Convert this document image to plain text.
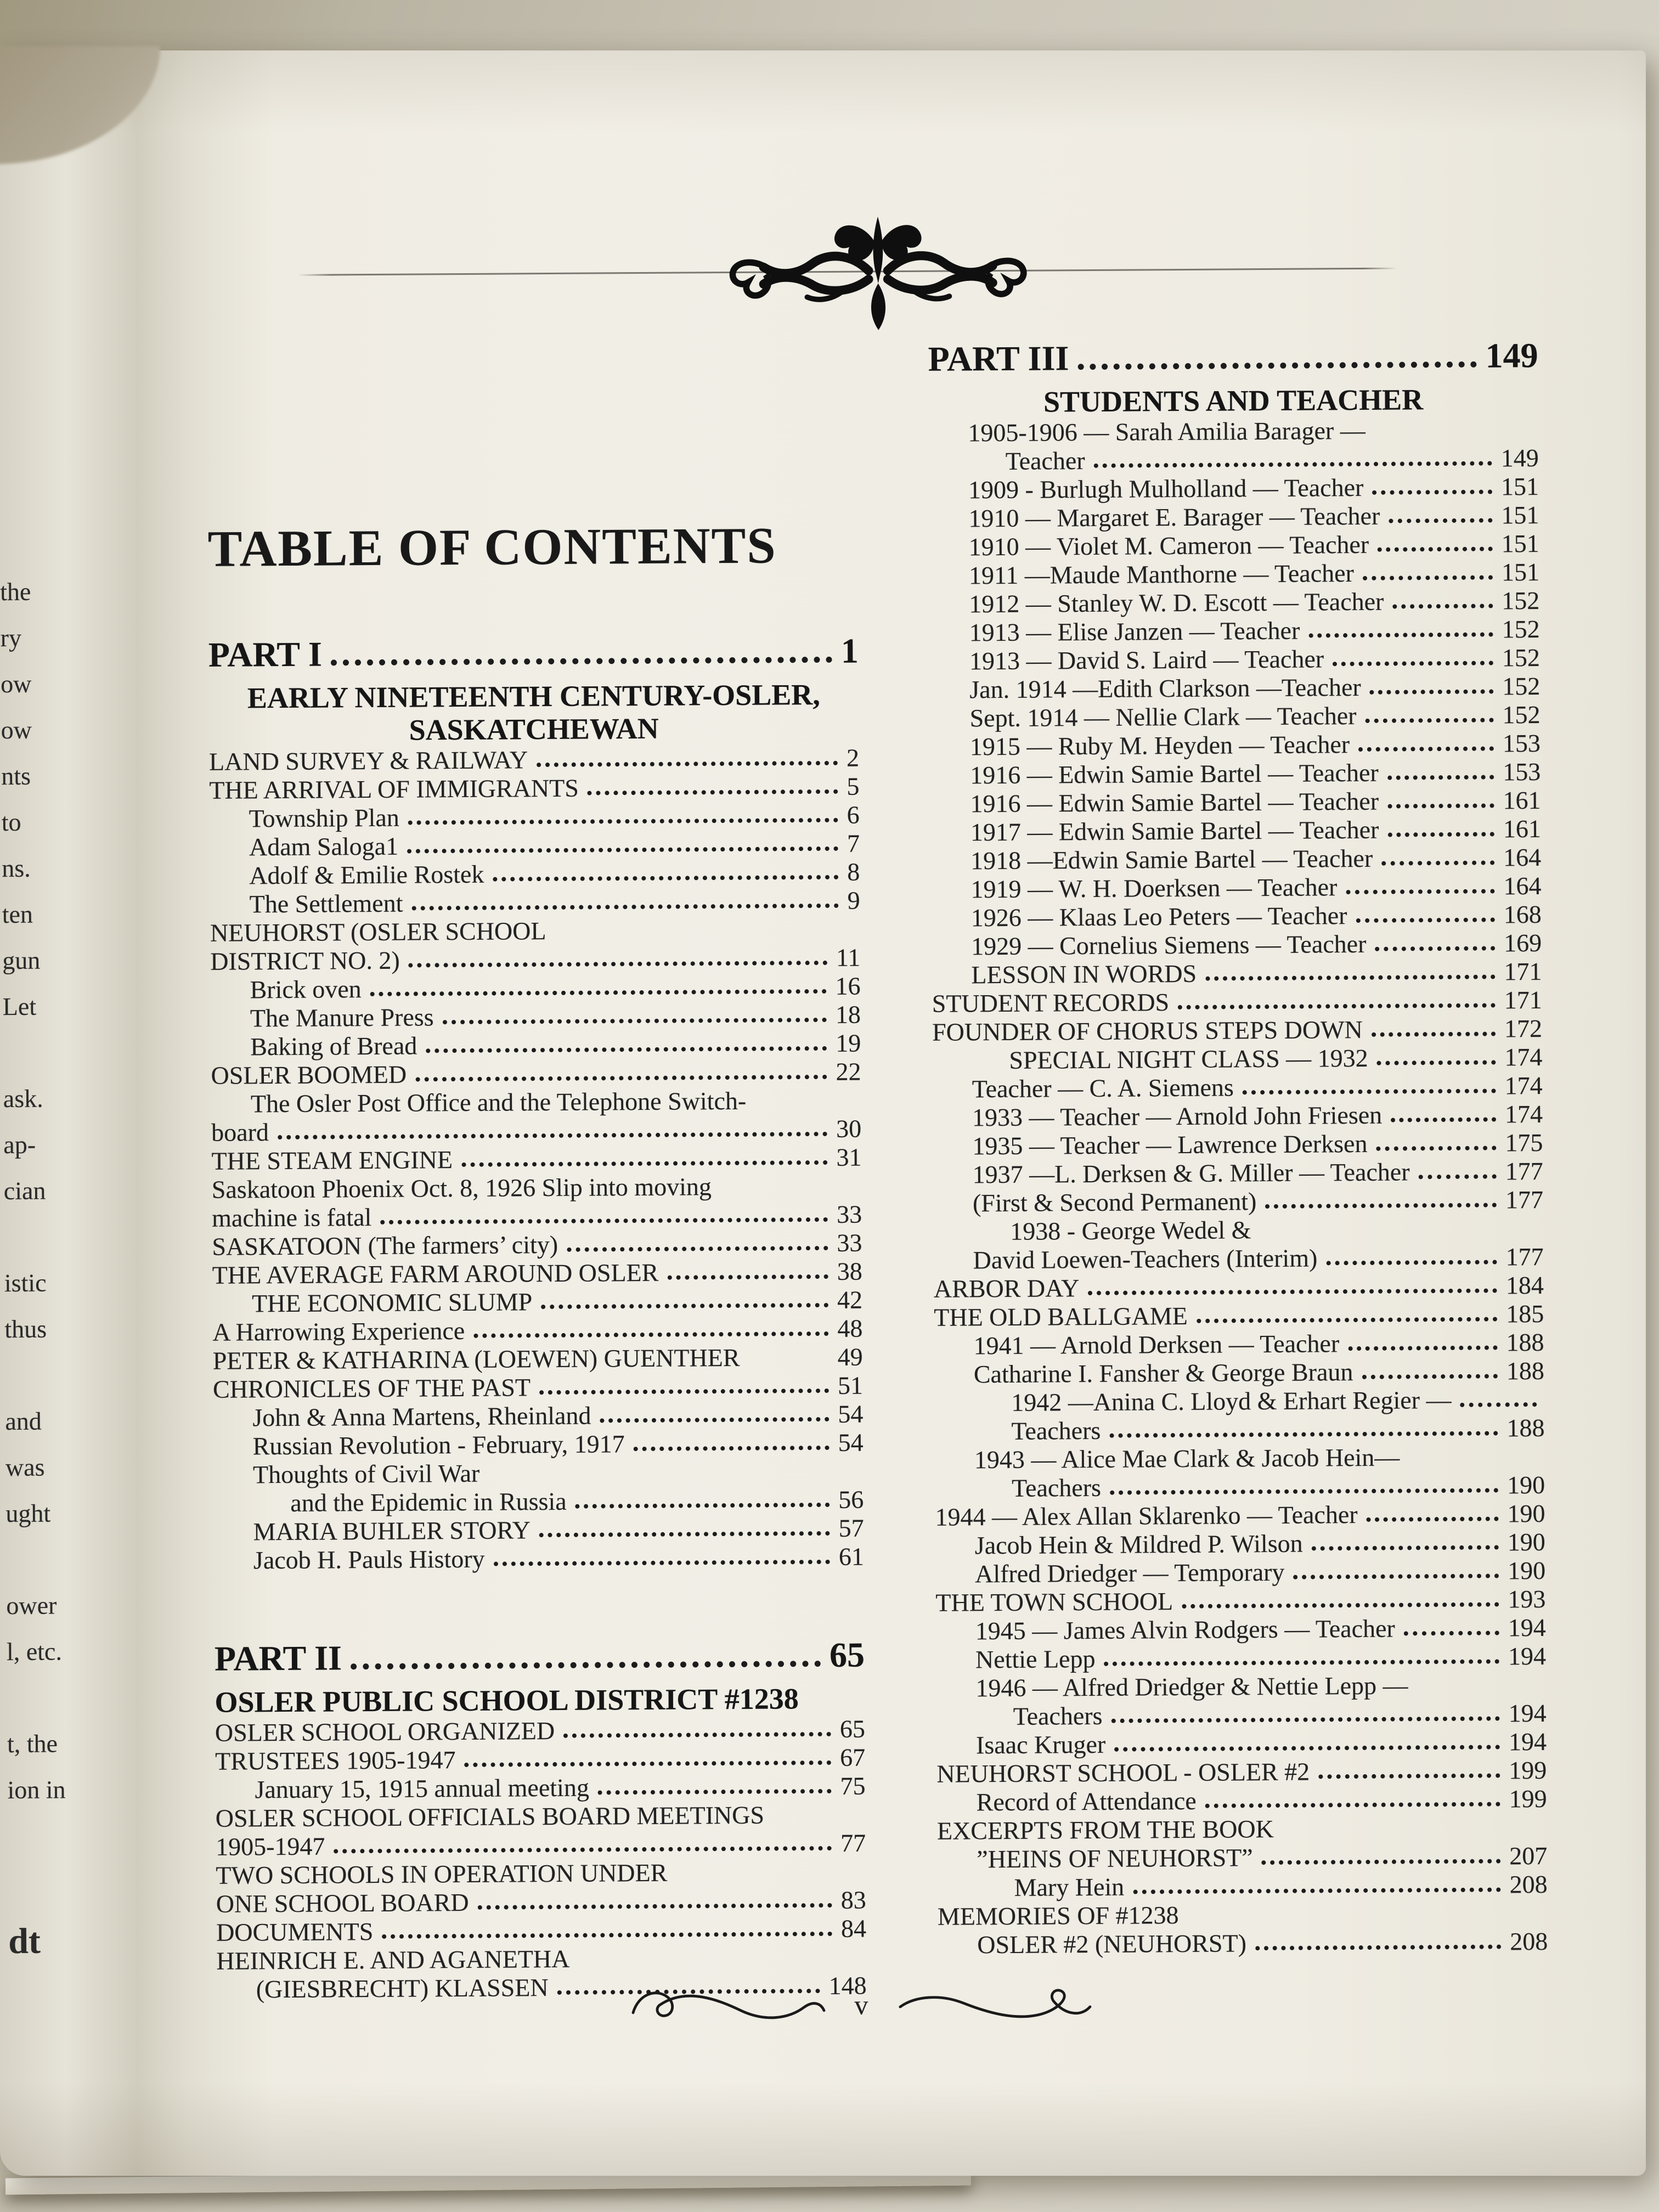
the
ry
ow
ow
nts
to
ns.
ten
gun
Let
ask.
ap-
cian
istic
thus
and
was
ught
ower
l, etc.
t, the
ion in
dt
TABLE OF CONTENTS
PART I	1
EARLY NINETEENTH CENTURY-OSLER,
SASKATCHEWAN
LAND SURVEY & RAILWAY	2
THE ARRIVAL OF IMMIGRANTS	5
Township Plan	6
Adam Saloga1	7
Adolf & Emilie Rostek	8
The Settlement	9
NEUHORST (OSLER SCHOOL
DISTRICT NO. 2)	11
Brick oven	16
The Manure Press	18
Baking of Bread	19
OSLER BOOMED	22
The Osler Post Office and the Telephone Switch-
board	30
THE STEAM ENGINE	31
Saskatoon Phoenix Oct. 8, 1926 Slip into moving
machine is fatal	33
SASKATOON (The farmers’ city)	33
THE AVERAGE FARM AROUND OSLER	38
THE ECONOMIC SLUMP	42
A Harrowing Experience	48
PETER & KATHARINA (LOEWEN) GUENTHER	49
CHRONICLES OF THE PAST	51
John & Anna Martens, Rheinland	54
Russian Revolution - February, 1917	54
Thoughts of Civil War
and the Epidemic in Russia	56
MARIA BUHLER STORY	57
Jacob H. Pauls History	61
PART II	65
OSLER PUBLIC SCHOOL DISTRICT #1238
OSLER SCHOOL ORGANIZED	65
TRUSTEES 1905-1947	67
January 15, 1915 annual meeting	75
OSLER SCHOOL OFFICIALS BOARD MEETINGS
1905-1947	77
TWO SCHOOLS IN OPERATION UNDER
ONE SCHOOL BOARD	83
DOCUMENTS	84
HEINRICH E. AND AGANETHA
(GIESBRECHT) KLASSEN	148
PART III	149
STUDENTS AND TEACHER
1905-1906 — Sarah Amilia Barager —
Teacher	149
1909 - Burlugh Mulholland — Teacher	151
1910 — Margaret E. Barager — Teacher	151
1910 — Violet M. Cameron — Teacher	151
1911 —Maude Manthorne — Teacher	151
1912 — Stanley W. D. Escott — Teacher	152
1913 — Elise Janzen — Teacher	152
1913 — David S. Laird — Teacher	152
Jan. 1914 —Edith Clarkson —Teacher	152
Sept. 1914 — Nellie Clark — Teacher	152
1915 — Ruby M. Heyden — Teacher	153
1916 — Edwin Samie Bartel — Teacher	153
1916 — Edwin Samie Bartel — Teacher	161
1917 — Edwin Samie Bartel — Teacher	161
1918 —Edwin Samie Bartel — Teacher	164
1919 — W. H. Doerksen — Teacher	164
1926 — Klaas Leo Peters — Teacher	168
1929 — Cornelius Siemens — Teacher	169
LESSON IN WORDS	171
STUDENT RECORDS	171
FOUNDER OF CHORUS STEPS DOWN	172
SPECIAL NIGHT CLASS — 1932	174
Teacher — C. A. Siemens	174
1933 — Teacher — Arnold John Friesen	174
1935 — Teacher — Lawrence Derksen	175
1937 —L. Derksen & G. Miller — Teacher	177
(First & Second Permanent)	177
1938 - George Wedel &
David Loewen-Teachers (Interim)	177
ARBOR DAY	184
THE OLD BALLGAME	185
1941 — Arnold Derksen — Teacher	188
Catharine I. Fansher & George Braun	188
1942 —Anina C. Lloyd & Erhart Regier —
Teachers	188
1943 — Alice Mae Clark & Jacob Hein—
Teachers	190
1944 — Alex Allan Sklarenko — Teacher	190
Jacob Hein & Mildred P. Wilson	190
Alfred Driedger — Temporary	190
THE TOWN SCHOOL	193
1945 — James Alvin Rodgers — Teacher	194
Nettie Lepp	194
1946 — Alfred Driedger & Nettie Lepp —
Teachers	194
Isaac Kruger	194
NEUHORST SCHOOL - OSLER #2	199
Record of Attendance	199
EXCERPTS FROM THE BOOK
”HEINS OF NEUHORST”	207
Mary Hein	208
MEMORIES OF #1238
OSLER #2 (NEUHORST)	208
v
